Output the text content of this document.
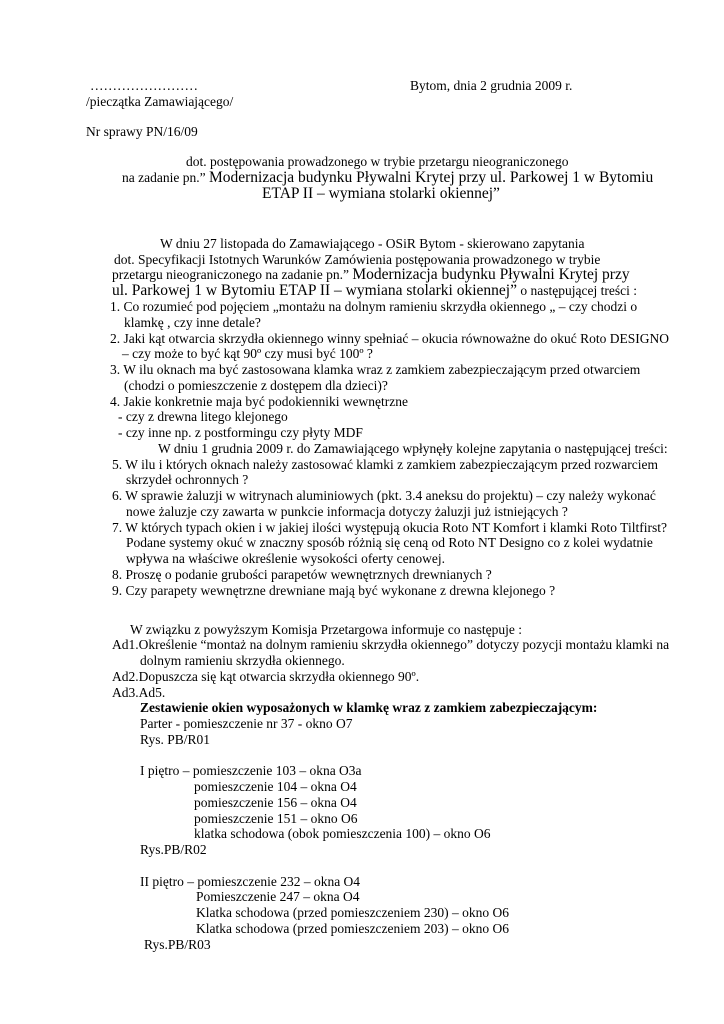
……………………	Bytom, dnia 2 grudnia 2009 r.
/pieczątka Zamawiającego/
Nr sprawy PN/16/09
dot. postępowania prowadzonego w trybie przetargu nieograniczonego
na zadanie pn.” Modernizacja budynku Pływalni Krytej przy ul. Parkowej 1 w Bytomiu
ETAP II – wymiana stolarki okiennej”
W dniu 27 listopada do Zamawiającego - OSiR Bytom - skierowano zapytania
dot. Specyfikacji Istotnych Warunków Zamówienia postępowania prowadzonego w trybie
przetargu nieograniczonego na zadanie pn.” Modernizacja budynku Pływalni Krytej przy
ul. Parkowej 1 w Bytomiu ETAP II – wymiana stolarki okiennej” o następującej treści :
1. Co rozumieć pod pojęciem „montażu na dolnym ramieniu skrzydła okiennego „ – czy chodzi o
klamkę , czy inne detale?
2. Jaki kąt otwarcia skrzydła okiennego winny spełniać – okucia równoważne do okuć Roto DESIGNO
– czy może to być kąt 90º czy musi być 100º ?
3. W ilu oknach ma być zastosowana klamka wraz z zamkiem zabezpieczającym przed otwarciem
(chodzi o pomieszczenie z dostępem dla dzieci)?
4. Jakie konkretnie maja być podokienniki wewnętrzne
- czy z drewna litego klejonego
- czy inne np. z postformingu czy płyty MDF
W dniu 1 grudnia 2009 r. do Zamawiającego wpłynęły kolejne zapytania o następującej treści:
5. W ilu i których oknach należy zastosować klamki z zamkiem zabezpieczającym przed rozwarciem
skrzydeł ochronnych ?
6. W sprawie żaluzji w witrynach aluminiowych (pkt. 3.4 aneksu do projektu) – czy należy wykonać
nowe żaluzje czy zawarta w punkcie informacja dotyczy żaluzji już istniejących ?
7. W których typach okien i w jakiej ilości występują okucia Roto NT Komfort i klamki Roto Tiltfirst?
Podane systemy okuć w znaczny sposób różnią się ceną od Roto NT Designo co z kolei wydatnie
wpływa na właściwe określenie wysokości oferty cenowej.
8. Proszę o podanie grubości parapetów wewnętrznych drewnianych ?
9. Czy parapety wewnętrzne drewniane mają być wykonane z drewna klejonego ?
W związku z powyższym Komisja Przetargowa informuje co następuje :
Ad1.Określenie “montaż na dolnym ramieniu skrzydła okiennego” dotyczy pozycji montażu klamki na
dolnym ramieniu skrzydła okiennego.
Ad2.Dopuszcza się kąt otwarcia skrzydła okiennego 90º.
Ad3.Ad5.
Zestawienie okien wyposażonych w klamkę wraz z zamkiem zabezpieczającym:
Parter - pomieszczenie nr 37 - okno O7
Rys. PB/R01
I piętro – pomieszczenie 103 – okna O3a
pomieszczenie 104 – okna O4
pomieszczenie 156 – okna O4
pomieszczenie 151 – okno O6
klatka schodowa (obok pomieszczenia 100) – okno O6
Rys.PB/R02
II piętro – pomieszczenie 232 – okna O4
Pomieszczenie 247 – okna O4
Klatka schodowa (przed pomieszczeniem 230) – okno O6
Klatka schodowa (przed pomieszczeniem 203) – okno O6
Rys.PB/R03
